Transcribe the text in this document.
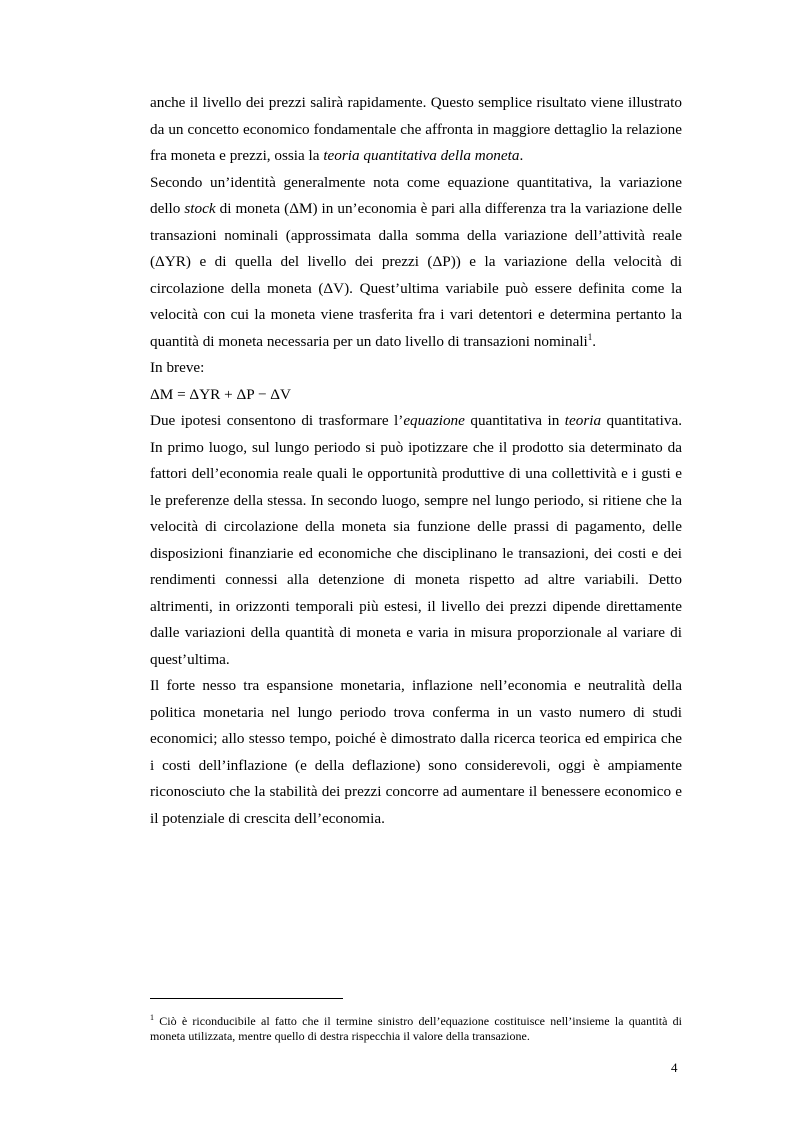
anche il livello dei prezzi salirà rapidamente. Questo semplice risultato viene illustrato da un concetto economico fondamentale che affronta in maggiore dettaglio la relazione fra moneta e prezzi, ossia la teoria quantitativa della moneta.

Secondo un’identità generalmente nota come equazione quantitativa, la variazione dello stock di moneta (ΔM) in un’economia è pari alla differenza tra la variazione delle transazioni nominali (approssimata dalla somma della variazione dell’attività reale (ΔYR) e di quella del livello dei prezzi (ΔP)) e la variazione della velocità di circolazione della moneta (ΔV). Quest’ultima variabile può essere definita come la velocità con cui la moneta viene trasferita fra i vari detentori e determina pertanto la quantità di moneta necessaria per un dato livello di transazioni nominali$^1$.

In breve:

ΔM = ΔYR + ΔP − ΔV

Due ipotesi consentono di trasformare l’equazione quantitativa in teoria quantitativa. In primo luogo, sul lungo periodo si può ipotizzare che il prodotto sia determinato da fattori dell’economia reale quali le opportunità produttive di una collettività e i gusti e le preferenze della stessa. In secondo luogo, sempre nel lungo periodo, si ritiene che la velocità di circolazione della moneta sia funzione delle prassi di pagamento, delle disposizioni finanziarie ed economiche che disciplinano le transazioni, dei costi e dei rendimenti connessi alla detenzione di moneta rispetto ad altre variabili. Detto altrimenti, in orizzonti temporali più estesi, il livello dei prezzi dipende direttamente dalle variazioni della quantità di moneta e varia in misura proporzionale al variare di quest’ultima.

Il forte nesso tra espansione monetaria, inflazione nell’economia e neutralità della politica monetaria nel lungo periodo trova conferma in un vasto numero di studi economici; allo stesso tempo, poiché è dimostrato dalla ricerca teorica ed empirica che i costi dell’inflazione (e della deflazione) sono considerevoli, oggi è ampiamente riconosciuto che la stabilità dei prezzi concorre ad aumentare il benessere economico e il potenziale di crescita dell’economia.

$^1$ Ciò è riconducibile al fatto che il termine sinistro dell’equazione costituisce nell’insieme la quantità di moneta utilizzata, mentre quello di destra rispecchia il valore della transazione.
4
